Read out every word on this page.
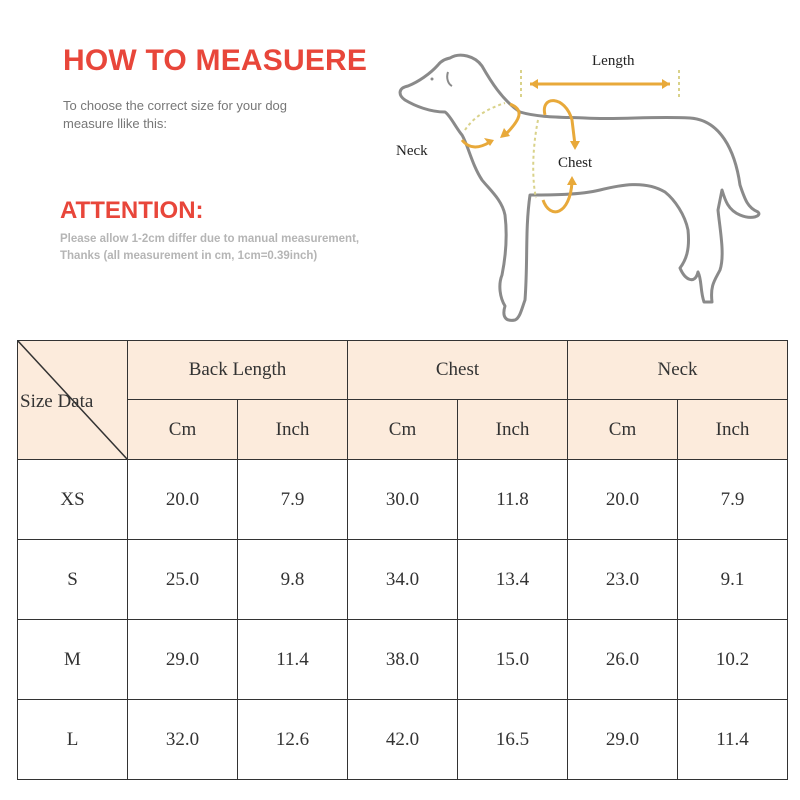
HOW TO MEASUERE
To choose the correct size for your dog
measure llike this:
ATTENTION:
Please allow 1-2cm differ due to manual measurement,
Thanks (all measurement in cm, 1cm=0.39inch)
Length
Neck
Chest
Size Data	Back Length		Chest		Neck	
	Cm	Inch	Cm	Inch	Cm	Inch
XS	20.0	7.9	30.0	11.8	20.0	7.9
S	25.0	9.8	34.0	13.4	23.0	9.1
M	29.0	11.4	38.0	15.0	26.0	10.2
L	32.0	12.6	42.0	16.5	29.0	11.4
